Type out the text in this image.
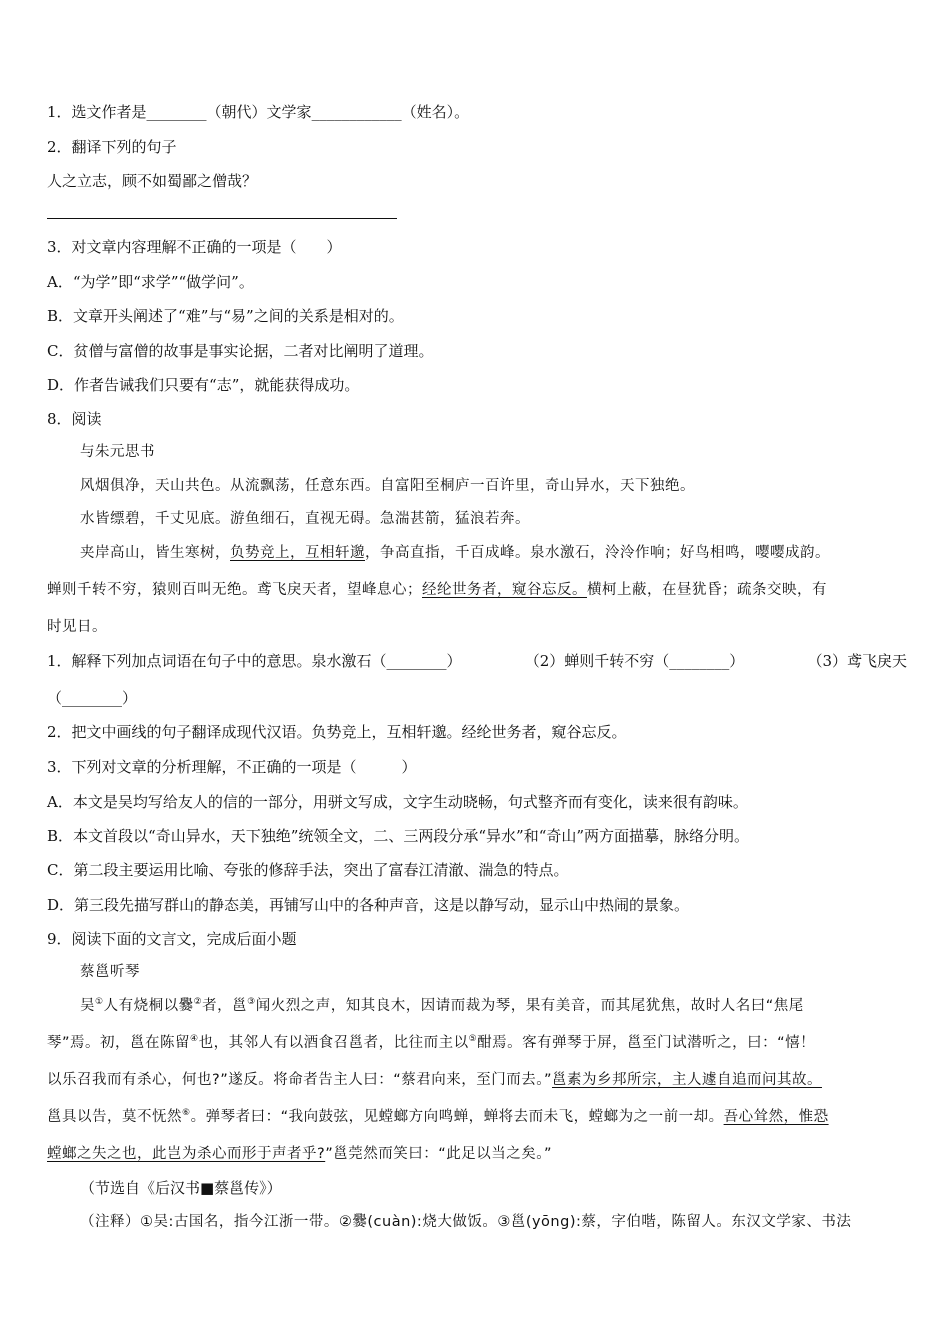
1．选文作者是________（朝代）文学家____________（姓名）。
2．翻译下列的句子
人之立志，顾不如蜀鄙之僧哉？
3．对文章内容理解不正确的一项是（　　）
A．“为学”即“求学”“做学问”。
B．文章开头阐述了“难”与“易”之间的关系是相对的。
C．贫僧与富僧的故事是事实论据，二者对比阐明了道理。
D．作者告诫我们只要有“志”，就能获得成功。
8．阅读
与朱元思书
风烟俱净，天山共色。从流飘荡，任意东西。自富阳至桐庐一百许里，奇山异水，天下独绝。
水皆缥碧，千丈见底。游鱼细石，直视无碍。急湍甚箭，猛浪若奔。
夹岸高山，皆生寒树，负势竞上，互相轩邈，争高直指，千百成峰。泉水激石，泠泠作响；好鸟相鸣，嘤嘤成韵。
蝉则千转不穷，猿则百叫无绝。鸢飞戾天者，望峰息心；经纶世务者，窥谷忘反。横柯上蔽，在昼犹昏；疏条交映，有
时见日。
1．解释下列加点词语在句子中的意思。泉水激石（________）	（2）蝉则千转不穷（________）	（3）鸢飞戾天
（________）
2．把文中画线的句子翻译成现代汉语。负势竞上，互相轩邈。经纶世务者，窥谷忘反。
3．下列对文章的分析理解，不正确的一项是（　　　）
A．本文是吴均写给友人的信的一部分，用骈文写成，文字生动晓畅，句式整齐而有变化，读来很有韵味。
B．本文首段以“奇山异水，天下独绝”统领全文，二、三两段分承“异水”和“奇山”两方面描摹，脉络分明。
C．第二段主要运用比喻、夸张的修辞手法，突出了富春江清澈、湍急的特点。
D．第三段先描写群山的静态美，再铺写山中的各种声音，这是以静写动，显示山中热闹的景象。
9．阅读下面的文言文，完成后面小题
蔡邕听琴
吴①人有烧桐以爨②者，邕③闻火烈之声，知其良木，因请而裁为琴，果有美音，而其尾犹焦，故时人名曰“焦尾
琴”焉。初，邕在陈留④也，其邻人有以酒食召邕者，比往而主以⑤酣焉。客有弹琴于屏，邕至门试潜听之，曰：“憘！
以乐召我而有杀心，何也?”遂反。将命者告主人曰：“蔡君向来，至门而去。”邕素为乡邦所宗，主人遽自追而问其故。
邕具以告，莫不怃然⑥。弹琴者曰：“我向鼓弦，见螳螂方向鸣蝉，蝉将去而未飞，螳螂为之一前一却。吾心耸然，惟恐
螳螂之失之也，此岂为杀心而形于声者乎?”邕莞然而笑曰：“此足以当之矣。”
（节选自《后汉书■蔡邕传》）
（注释）①吴:古国名，指今江浙一带。②爨(cuàn):烧大做饭。③邕(yōng):蔡，字伯喈，陈留人。东汉文学家、书法
